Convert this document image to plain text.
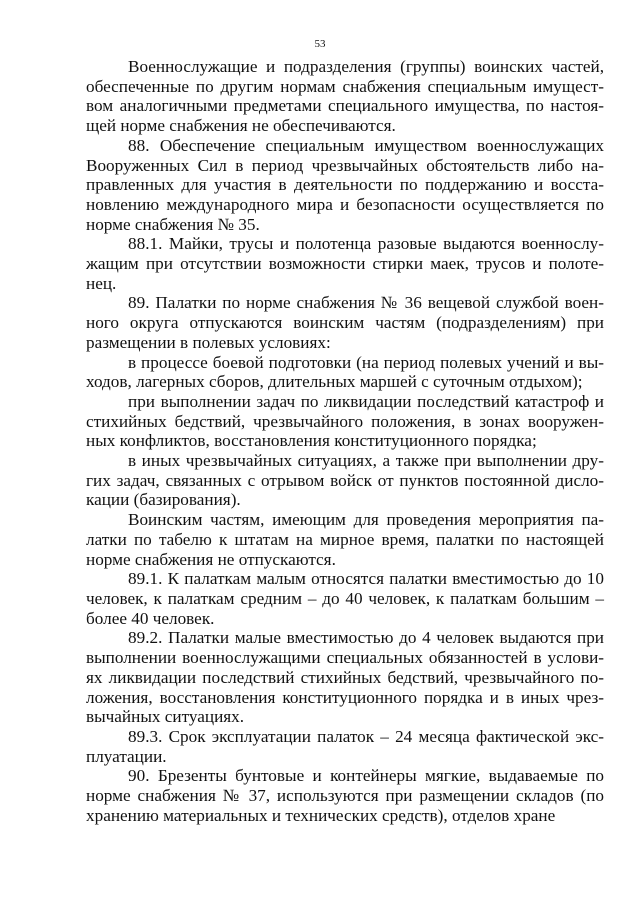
53

Военнослужащие и подразделения (группы) воинских частей, обеспеченные по другим нормам снабжения специальным имуществом аналогичными предметами специального имущества, по настоящей норме снабжения не обеспечиваются.

88. Обеспечение специальным имуществом военнослужащих Вооруженных Сил в период чрезвычайных обстоятельств либо направленных для участия в деятельности по поддержанию и восстановлению международного мира и безопасности осуществляется по норме снабжения № 35.

88.1. Майки, трусы и полотенца разовые выдаются военнослужащим при отсутствии возможности стирки маек, трусов и полотенец.

89. Палатки по норме снабжения № 36 вещевой службой военного округа отпускаются воинским частям (подразделениям) при размещении в полевых условиях:

в процессе боевой подготовки (на период полевых учений и выходов, лагерных сборов, длительных маршей с суточным отдыхом);

при выполнении задач по ликвидации последствий катастроф и стихийных бедствий, чрезвычайного положения, в зонах вооруженных конфликтов, восстановления конституционного порядка;

в иных чрезвычайных ситуациях, а также при выполнении других задач, связанных с отрывом войск от пунктов постоянной дислокации (базирования).

Воинским частям, имеющим для проведения мероприятия палатки по табелю к штатам на мирное время, палатки по настоящей норме снабжения не отпускаются.

89.1. К палаткам малым относятся палатки вместимостью до 10 человек, к палаткам средним – до 40 человек, к палаткам большим – более 40 человек.

89.2. Палатки малые вместимостью до 4 человек выдаются при выполнении военнослужащими специальных обязанностей в условиях ликвидации последствий стихийных бедствий, чрезвычайного положения, восстановления конституционного порядка и в иных чрезвычайных ситуациях.

89.3. Срок эксплуатации палаток – 24 месяца фактической эксплуатации.

90. Брезенты бунтовые и контейнеры мягкие, выдаваемые по норме снабжения № 37, используются при размещении складов (по хранению материальных и технических средств), отделов хране
